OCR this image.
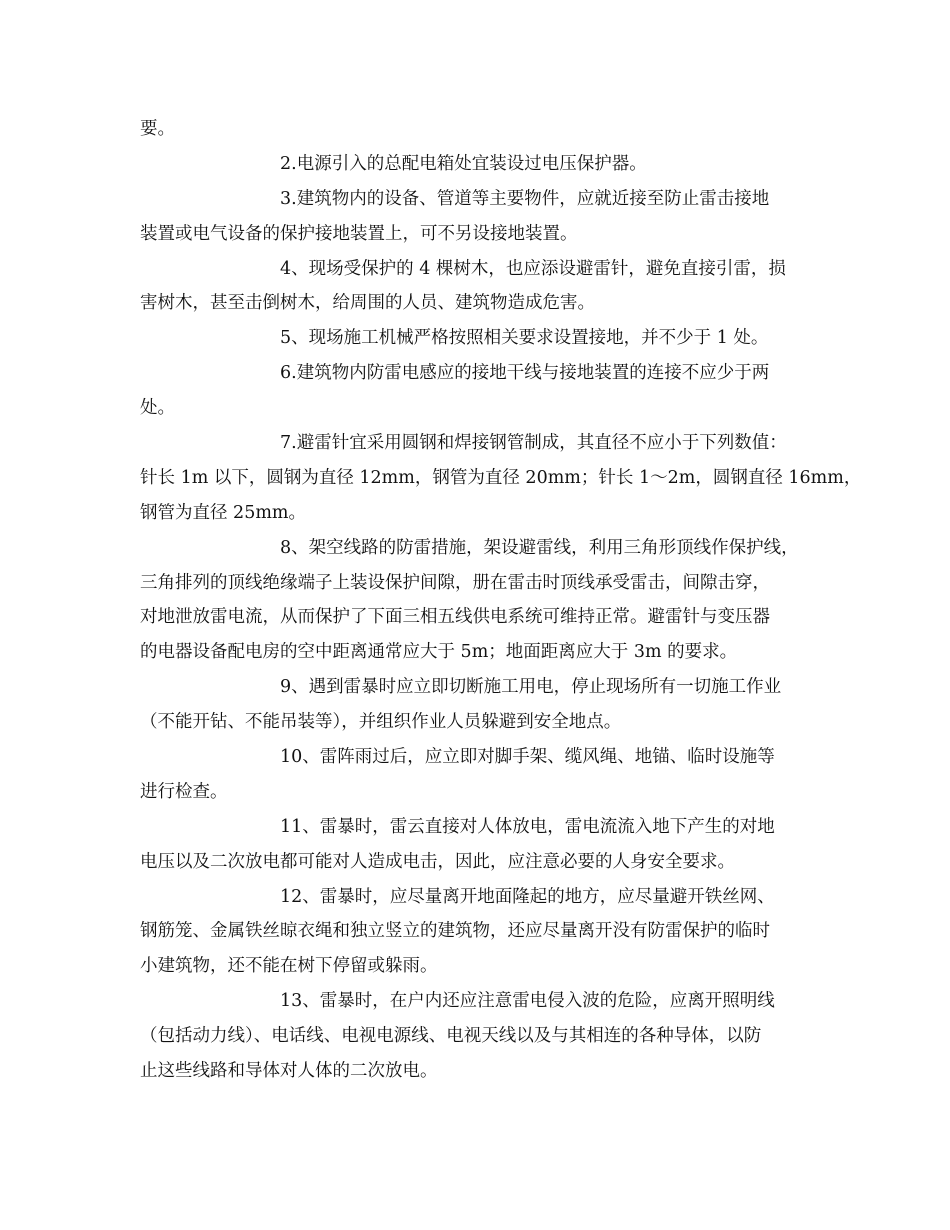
要。
2.电源引入的总配电箱处宜装设过电压保护器。
3.建筑物内的设备、管道等主要物件，应就近接至防止雷击接地
装置或电气设备的保护接地装置上，可不另设接地装置。
4、现场受保护的 4 棵树木，也应添设避雷针，避免直接引雷，损
害树木，甚至击倒树木，给周围的人员、建筑物造成危害。
5、现场施工机械严格按照相关要求设置接地，并不少于 1 处。
6.建筑物内防雷电感应的接地干线与接地装置的连接不应少于两
处。
7.避雷针宜采用圆钢和焊接钢管制成，其直径不应小于下列数值：
针长 1m 以下，圆钢为直径 12mm，钢管为直径 20mm；针长 1～2m，圆钢直径 16mm，
钢管为直径 25mm。
8、架空线路的防雷措施，架设避雷线，利用三角形顶线作保护线，
三角排列的顶线绝缘端子上装设保护间隙，册在雷击时顶线承受雷击，间隙击穿，
对地泄放雷电流，从而保护了下面三相五线供电系统可维持正常。避雷针与变压器
的电器设备配电房的空中距离通常应大于 5m；地面距离应大于 3m 的要求。
9、遇到雷暴时应立即切断施工用电，停止现场所有一切施工作业
（不能开钻、不能吊装等），并组织作业人员躲避到安全地点。
10、雷阵雨过后，应立即对脚手架、缆风绳、地锚、临时设施等
进行检查。
11、雷暴时，雷云直接对人体放电，雷电流流入地下产生的对地
电压以及二次放电都可能对人造成电击，因此，应注意必要的人身安全要求。
12、雷暴时，应尽量离开地面隆起的地方，应尽量避开铁丝网、
钢筋笼、金属铁丝晾衣绳和独立竖立的建筑物，还应尽量离开没有防雷保护的临时
小建筑物，还不能在树下停留或躲雨。
13、雷暴时，在户内还应注意雷电侵入波的危险，应离开照明线
（包括动力线）、电话线、电视电源线、电视天线以及与其相连的各种导体，以防
止这些线路和导体对人体的二次放电。
